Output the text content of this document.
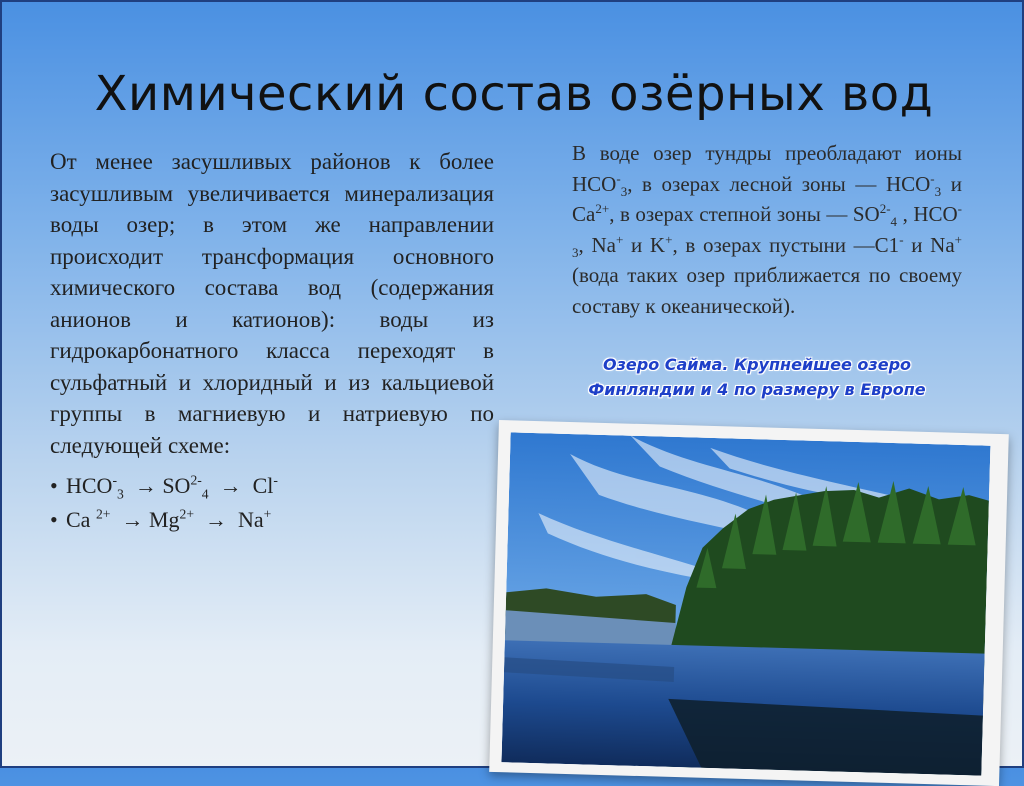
Химический состав озёрных вод

От менее засушливых районов к более засушливым увеличивается минерализация воды озер; в этом же направлении происходит трансформация основного химического состава вод (содержания анионов и катионов): воды из гидрокарбонатного класса переходят в сульфатный и хлоридный и из кальциевой группы в магниевую и натриевую по следующей схеме:

• $HCO^-_3 \to SO^{2-}_4 \to Cl^-$
• Ca $^{2+} \to Mg^{2+} \to Na^+$

В воде озер тундры преобладают ионы $HCO^-_3$, в озерах лесной зоны — $HCO^-_3$ и $Ca^{2+}$, в озерах степной зоны — $SO^{2-}_4$ , $HCO^-_3$, Na+ и K+, в озерах пустыни —C1- и Na+ (вода таких озер приближается по своему составу к океанической).

Озеро Сайма. Крупнейшее озеро
Финляндии и 4 по размеру в Европе
